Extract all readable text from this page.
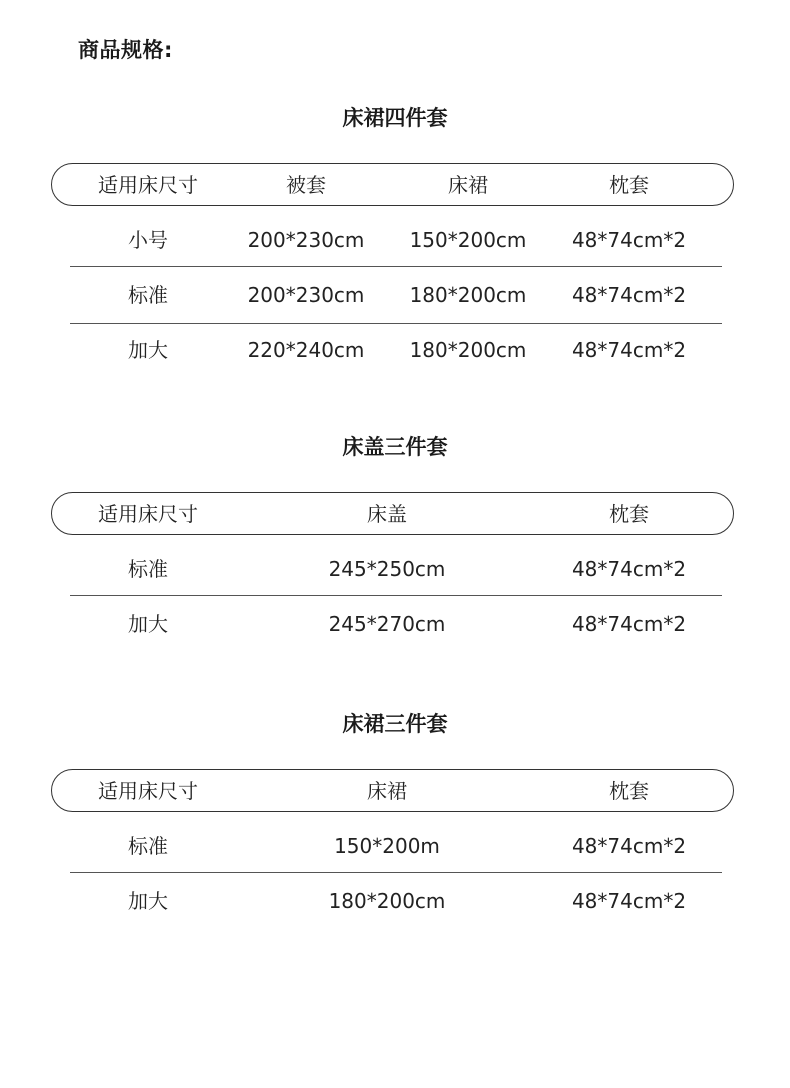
商品规格:
床裙四件套
适用床尺寸	被套	床裙	枕套
小号	200*230cm	150*200cm	48*74cm*2
标准	200*230cm	180*200cm	48*74cm*2
加大	220*240cm	180*200cm	48*74cm*2
床盖三件套
适用床尺寸	床盖	枕套
标准	245*250cm	48*74cm*2
加大	245*270cm	48*74cm*2
床裙三件套
适用床尺寸	床裙	枕套
标准	150*200m	48*74cm*2
加大	180*200cm	48*74cm*2
